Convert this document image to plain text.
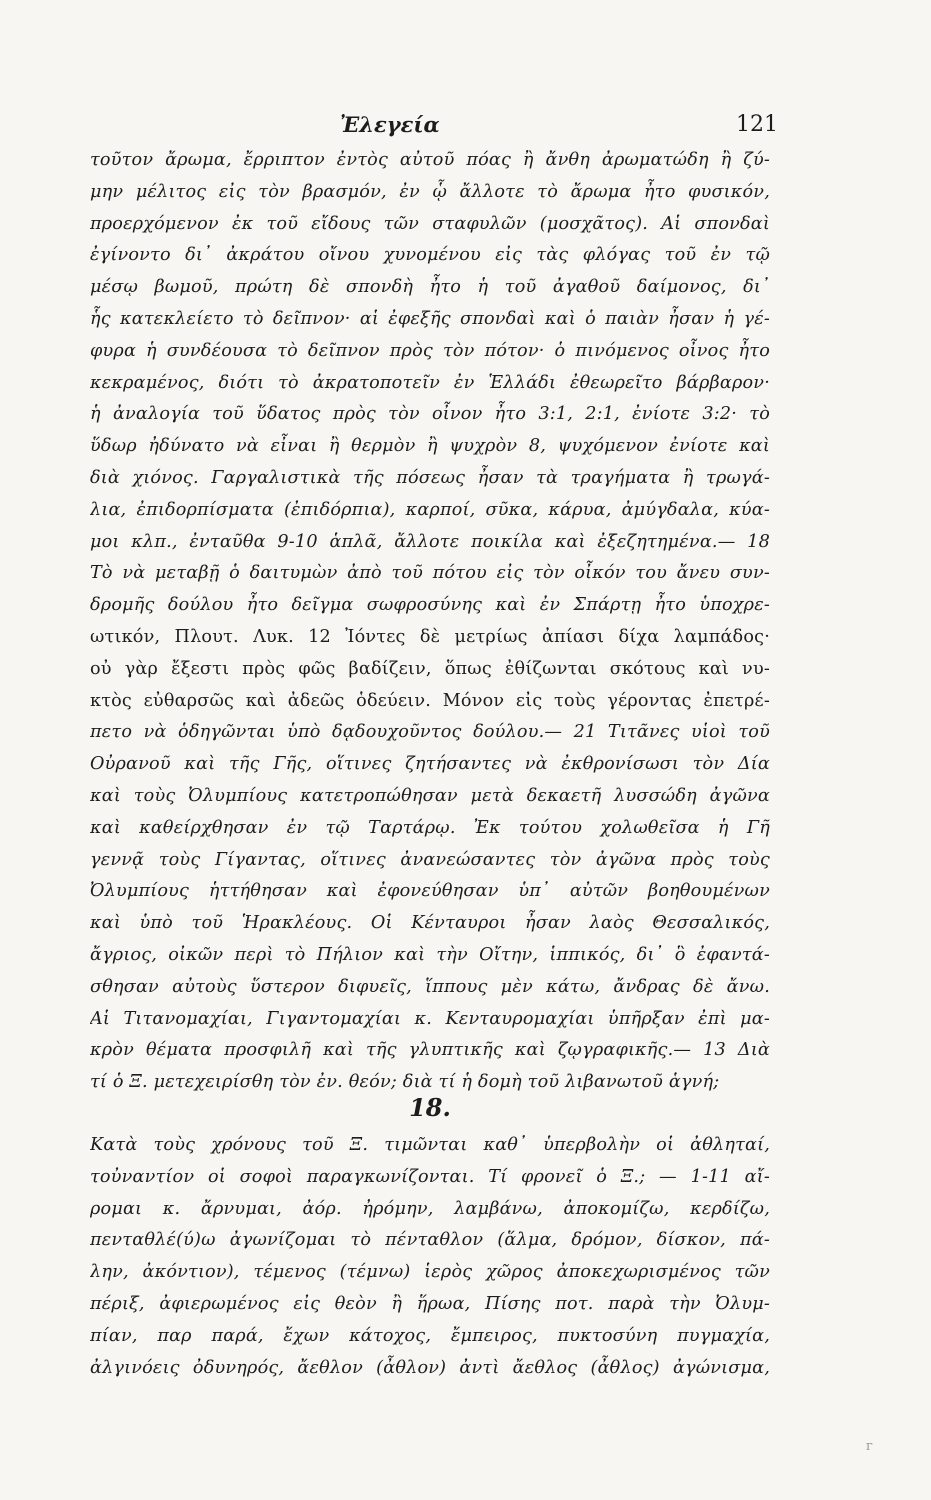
Ἐλεγεία	121
τοῦτον ἄρωμα, ἔρριπτον ἐντὸς αὐτοῦ πόας ἢ ἄνθη ἀρωματώδη ἢ ζύ-
μην μέλιτος εἰς τὸν βρασμόν, ἐν ᾧ ἄλλοτε τὸ ἄρωμα ἦτο φυσικόν,
προερχόμενον ἐκ τοῦ εἴδους τῶν σταφυλῶν (μοσχᾶτος). Αἱ σπονδαὶ
ἐγίνοντο δι᾿ ἀκράτου οἴνου χυνομένου εἰς τὰς φλόγας τοῦ ἐν τῷ
μέσῳ βωμοῦ, πρώτη δὲ σπονδὴ ἦτο ἡ τοῦ ἀγαθοῦ δαίμονος, δι᾿
ἧς κατεκλείετο τὸ δεῖπνον· αἱ ἐφεξῆς σπονδαὶ καὶ ὁ παιὰν ἦσαν ἡ γέ-
φυρα ἡ συνδέουσα τὸ δεῖπνον πρὸς τὸν πότον· ὁ πινόμενος οἶνος ἦτο
κεκραμένος, διότι τὸ ἀκρατοποτεῖν ἐν Ἑλλάδι ἐθεωρεῖτο βάρβαρον·
ἡ ἀναλογία τοῦ ὕδατος πρὸς τὸν οἶνον ἦτο 3:1, 2:1, ἐνίοτε 3:2· τὸ
ὕδωρ ἠδύνατο νὰ εἶναι ἢ θερμὸν ἢ ψυχρὸν 8, ψυχόμενον ἐνίοτε καὶ
διὰ χιόνος. Γαργαλιστικὰ τῆς πόσεως ἦσαν τὰ τραγήματα ἢ τρωγά-
λια, ἐπιδορπίσματα (ἐπιδόρπια), καρποί, σῦκα, κάρυα, ἀμύγδαλα, κύα-
μοι κλπ., ἐνταῦθα 9-10 ἁπλᾶ, ἄλλοτε ποικίλα καὶ ἐξεζητημένα.— 18
Τὸ νὰ μεταβῇ ὁ δαιτυμὼν ἀπὸ τοῦ πότου εἰς τὸν οἶκόν του ἄνευ συν-
δρομῆς δούλου ἦτο δεῖγμα σωφροσύνης καὶ ἐν Σπάρτῃ ἦτο ὑποχρε-
ωτικόν, Πλουτ. Λυκ. 12 Ἰόντες δὲ μετρίως ἀπίασι δίχα λαμπάδος·
οὐ γὰρ ἔξεστι πρὸς φῶς βαδίζειν, ὅπως ἐθίζωνται σκότους καὶ νυ-
κτὸς εὐθαρσῶς καὶ ἀδεῶς ὁδεύειν. Μόνον εἰς τοὺς γέροντας ἐπετρέ-
πετο νὰ ὁδηγῶνται ὑπὸ δᾳδουχοῦντος δούλου.— 21 Τιτᾶνες υἱοὶ τοῦ
Οὐρανοῦ καὶ τῆς Γῆς, οἵτινες ζητήσαντες νὰ ἐκθρονίσωσι τὸν Δία
καὶ τοὺς Ὀλυμπίους κατετροπώθησαν μετὰ δεκαετῆ λυσσώδη ἀγῶνα
καὶ καθείρχθησαν ἐν τῷ Ταρτάρῳ. Ἐκ τούτου χολωθεῖσα ἡ Γῆ
γεννᾷ τοὺς Γίγαντας, οἵτινες ἀνανεώσαντες τὸν ἀγῶνα πρὸς τοὺς
Ὀλυμπίους ἡττήθησαν καὶ ἐφονεύθησαν ὑπ᾿ αὐτῶν βοηθουμένων
καὶ ὑπὸ τοῦ Ἡρακλέους. Οἱ Κένταυροι ἦσαν λαὸς Θεσσαλικός,
ἄγριος, οἰκῶν περὶ τὸ Πήλιον καὶ τὴν Οἴτην, ἱππικός, δι᾿ ὃ ἐφαντά-
σθησαν αὐτοὺς ὕστερον διφυεῖς, ἵππους μὲν κάτω, ἄνδρας δὲ ἄνω.
Αἱ Τιτανομαχίαι, Γιγαντομαχίαι κ. Κενταυρομαχίαι ὑπῆρξαν ἐπὶ μα-
κρὸν θέματα προσφιλῆ καὶ τῆς γλυπτικῆς καὶ ζῳγραφικῆς.— 13 Διὰ
τί ὁ Ξ. μετεχειρίσθη τὸν ἐν. θεόν; διὰ τί ἡ δομὴ τοῦ λιβανωτοῦ ἁγνή;
18.
Κατὰ τοὺς χρόνους τοῦ Ξ. τιμῶνται καθ᾿ ὑπερβολὴν οἱ ἀθληταί,
τοὐναντίον οἱ σοφοὶ παραγκωνίζονται. Τί φρονεῖ ὁ Ξ.; — 1-11 αἴ-
ρομαι κ. ἄρνυμαι, ἀόρ. ἠρόμην, λαμβάνω, ἀποκομίζω, κερδίζω,
πενταθλέ(ύ)ω ἀγωνίζομαι τὸ πένταθλον (ἅλμα, δρόμον, δίσκον, πά-
λην, ἀκόντιον), τέμενος (τέμνω) ἱερὸς χῶρος ἀποκεχωρισμένος τῶν
πέριξ, ἀφιερωμένος εἰς θεὸν ἢ ἥρωα, Πίσης ποτ. παρὰ τὴν Ὀλυμ-
πίαν, παρ παρά, ἔχων κάτοχος, ἔμπειρος, πυκτοσύνη πυγμαχία,
ἀλγινόεις ὀδυνηρός, ἄεθλον (ἆθλον) ἀντὶ ἄεθλος (ἆθλος) ἀγώνισμα,
ᴦ
